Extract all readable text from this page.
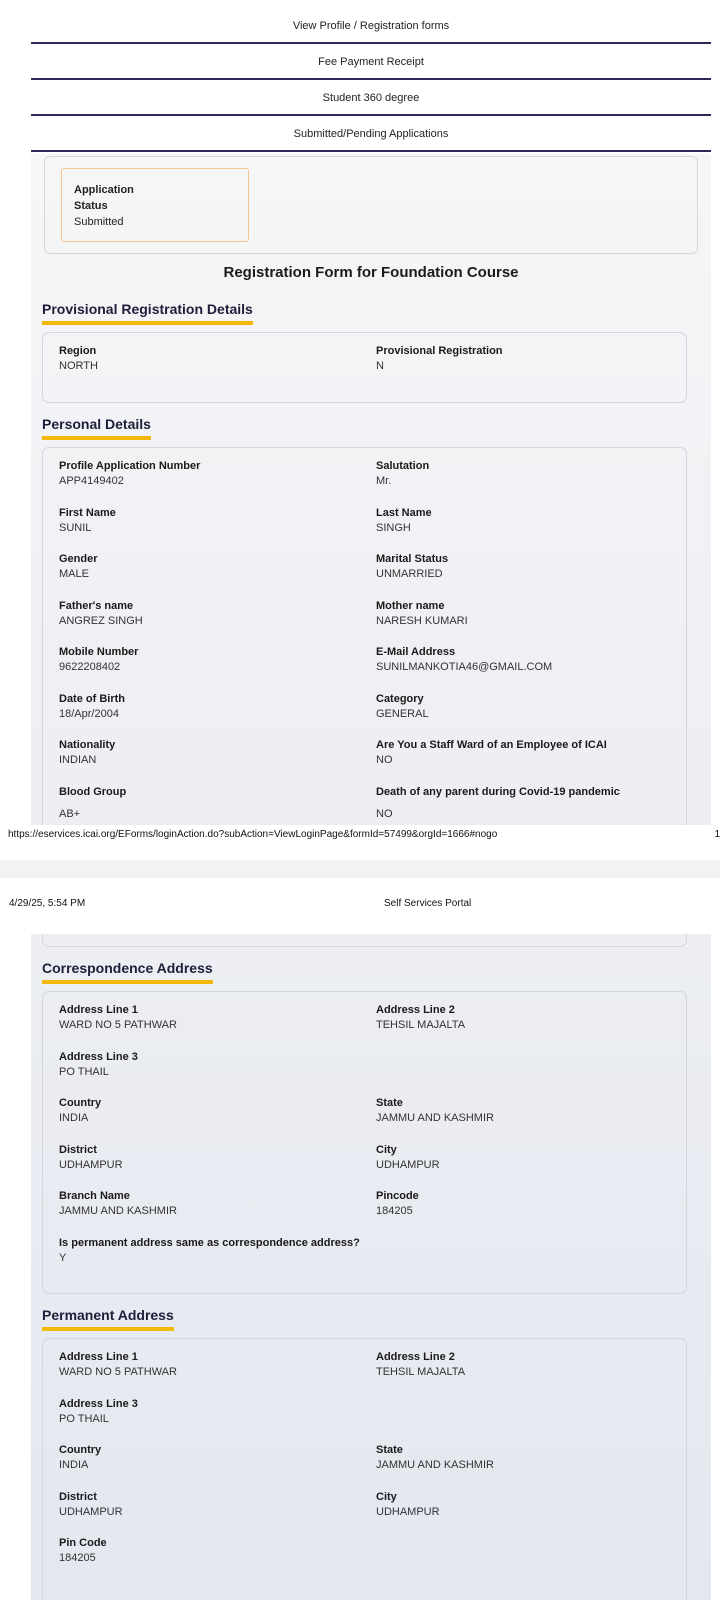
View Profile / Registration forms
Fee Payment Receipt
Student 360 degree
Submitted/Pending Applications
Application
Status
Submitted
Registration Form for Foundation Course
Provisional Registration Details
Region
NORTH
Provisional Registration
N
Personal Details
Profile Application Number
APP4149402
Salutation
Mr.
First Name
SUNIL
Last Name
SINGH
Gender
MALE
Marital Status
UNMARRIED
Father's name
ANGREZ SINGH
Mother name
NARESH KUMARI
Mobile Number
9622208402
E-Mail Address
SUNILMANKOTIA46@GMAIL.COM
Date of Birth
18/Apr/2004
Category
GENERAL
Nationality
INDIAN
Are You a Staff Ward of an Employee of ICAI
NO
Blood Group
AB+
Death of any parent during Covid-19 pandemic
NO
https://eservices.icai.org/EForms/loginAction.do?subAction=ViewLoginPage&formId=57499&orgId=1666#nogo	1
4/29/25, 5:54 PM	Self Services Portal
Correspondence Address
Address Line 1
WARD NO 5 PATHWAR
Address Line 2
TEHSIL MAJALTA
Address Line 3
PO THAIL
Country
INDIA
State
JAMMU AND KASHMIR
District
UDHAMPUR
City
UDHAMPUR
Branch Name
JAMMU AND KASHMIR
Pincode
184205
Is permanent address same as correspondence address?
Y
Permanent Address
Address Line 1
WARD NO 5 PATHWAR
Address Line 2
TEHSIL MAJALTA
Address Line 3
PO THAIL
Country
INDIA
State
JAMMU AND KASHMIR
District
UDHAMPUR
City
UDHAMPUR
Pin Code
184205
